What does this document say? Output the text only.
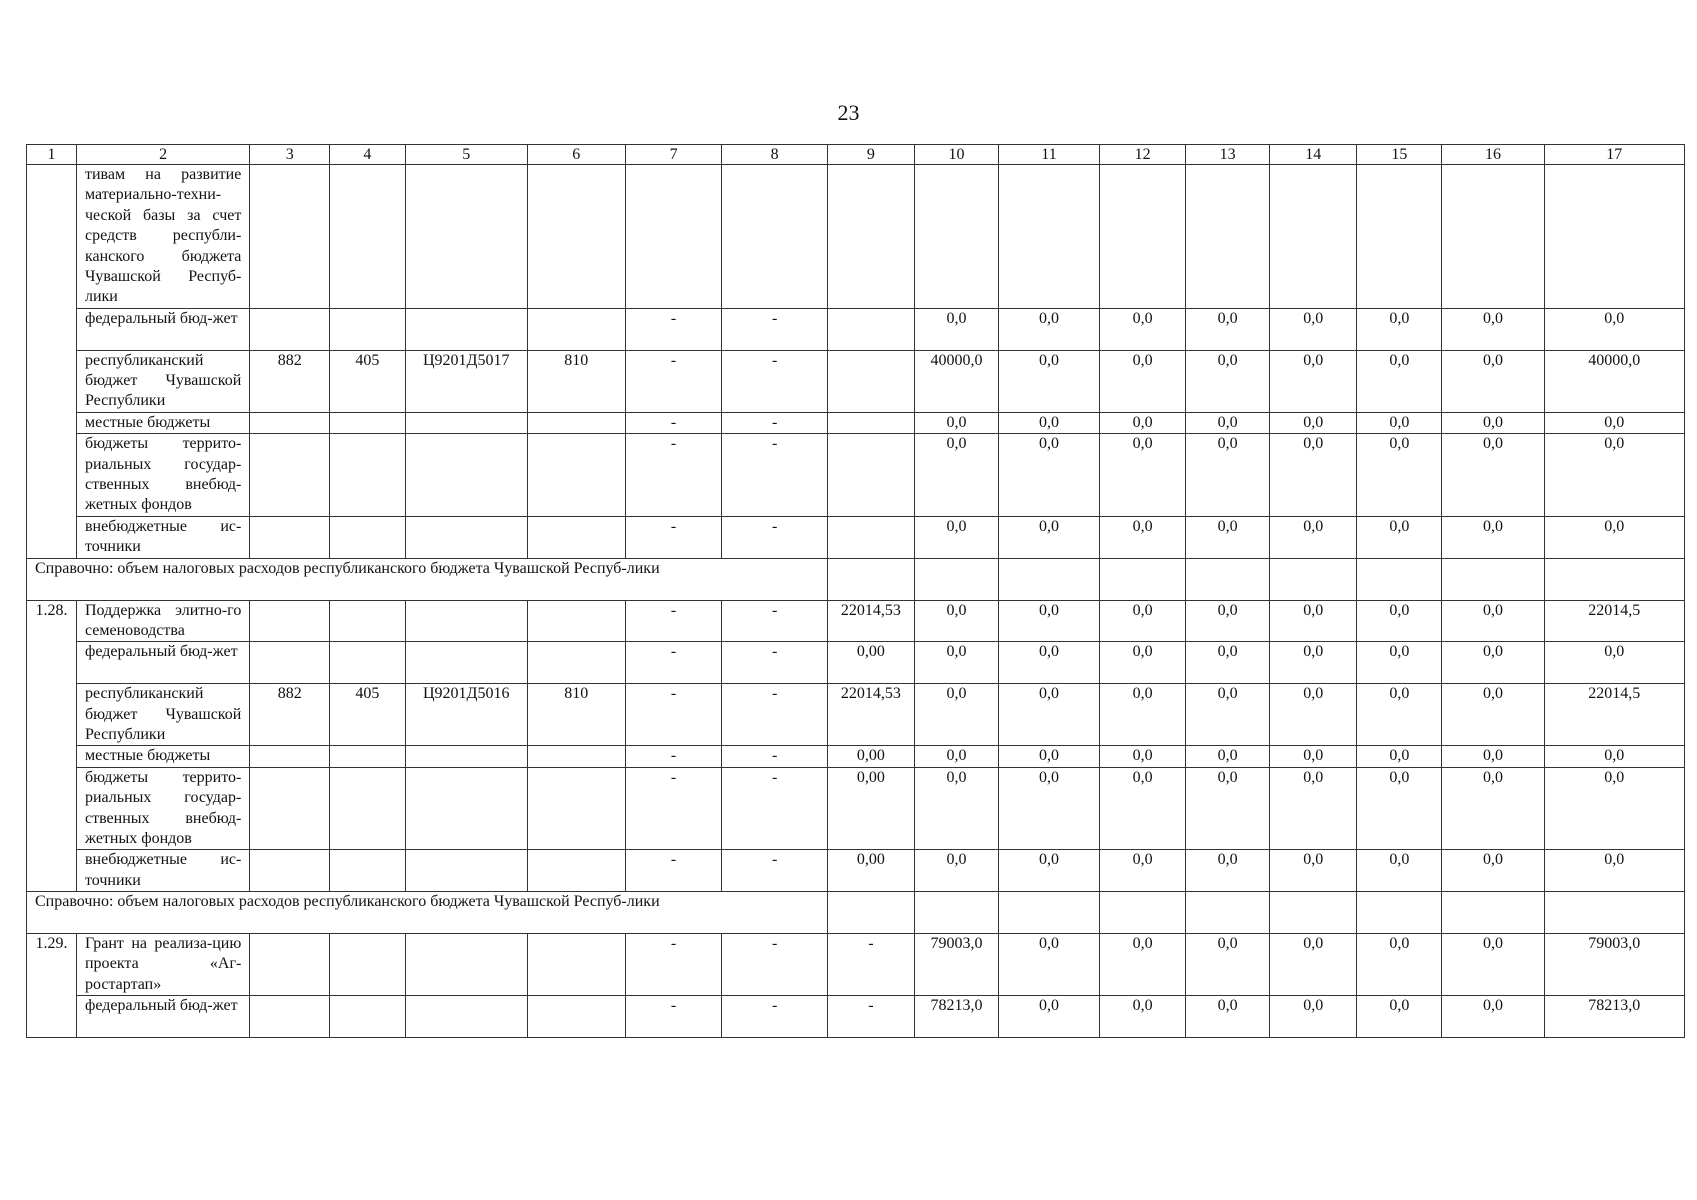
23
1	2	3	4	5	6	7	8	9	10	11	12	13	14	15	16	17
	тивам на развитие материально-техни-ческой базы за счет средств республи-канского бюджета Чувашской Респуб-лики															
	федеральный бюд-жет					-	-		0,0	0,0	0,0	0,0	0,0	0,0	0,0	0,0
	республиканский бюджет Чувашской Республики	882	405	Ц9201Д5017	810	-	-		40000,0	0,0	0,0	0,0	0,0	0,0	0,0	40000,0
	местные бюджеты					-	-		0,0	0,0	0,0	0,0	0,0	0,0	0,0	0,0
	бюджеты террито-риальных государ-ственных внебюд-жетных фондов					-	-		0,0	0,0	0,0	0,0	0,0	0,0	0,0	0,0
	внебюджетные ис-точники					-	-		0,0	0,0	0,0	0,0	0,0	0,0	0,0	0,0
Справочно: объем налоговых расходов республиканского бюджета Чувашской Респуб-лики																
1.28.	Поддержка элитно-го семеноводства					-	-	22014,53	0,0	0,0	0,0	0,0	0,0	0,0	0,0	22014,5
	федеральный бюд-жет					-	-	0,00	0,0	0,0	0,0	0,0	0,0	0,0	0,0	0,0
	республиканский бюджет Чувашской Республики	882	405	Ц9201Д5016	810	-	-	22014,53	0,0	0,0	0,0	0,0	0,0	0,0	0,0	22014,5
	местные бюджеты					-	-	0,00	0,0	0,0	0,0	0,0	0,0	0,0	0,0	0,0
	бюджеты террито-риальных государ-ственных внебюд-жетных фондов					-	-	0,00	0,0	0,0	0,0	0,0	0,0	0,0	0,0	0,0
	внебюджетные ис-точники					-	-	0,00	0,0	0,0	0,0	0,0	0,0	0,0	0,0	0,0
Справочно: объем налоговых расходов республиканского бюджета Чувашской Респуб-лики																
1.29.	Грант на реализа-цию проекта «Аг-ростартап»					-	-	-	79003,0	0,0	0,0	0,0	0,0	0,0	0,0	79003,0
	федеральный бюд-жет					-	-	-	78213,0	0,0	0,0	0,0	0,0	0,0	0,0	78213,0
